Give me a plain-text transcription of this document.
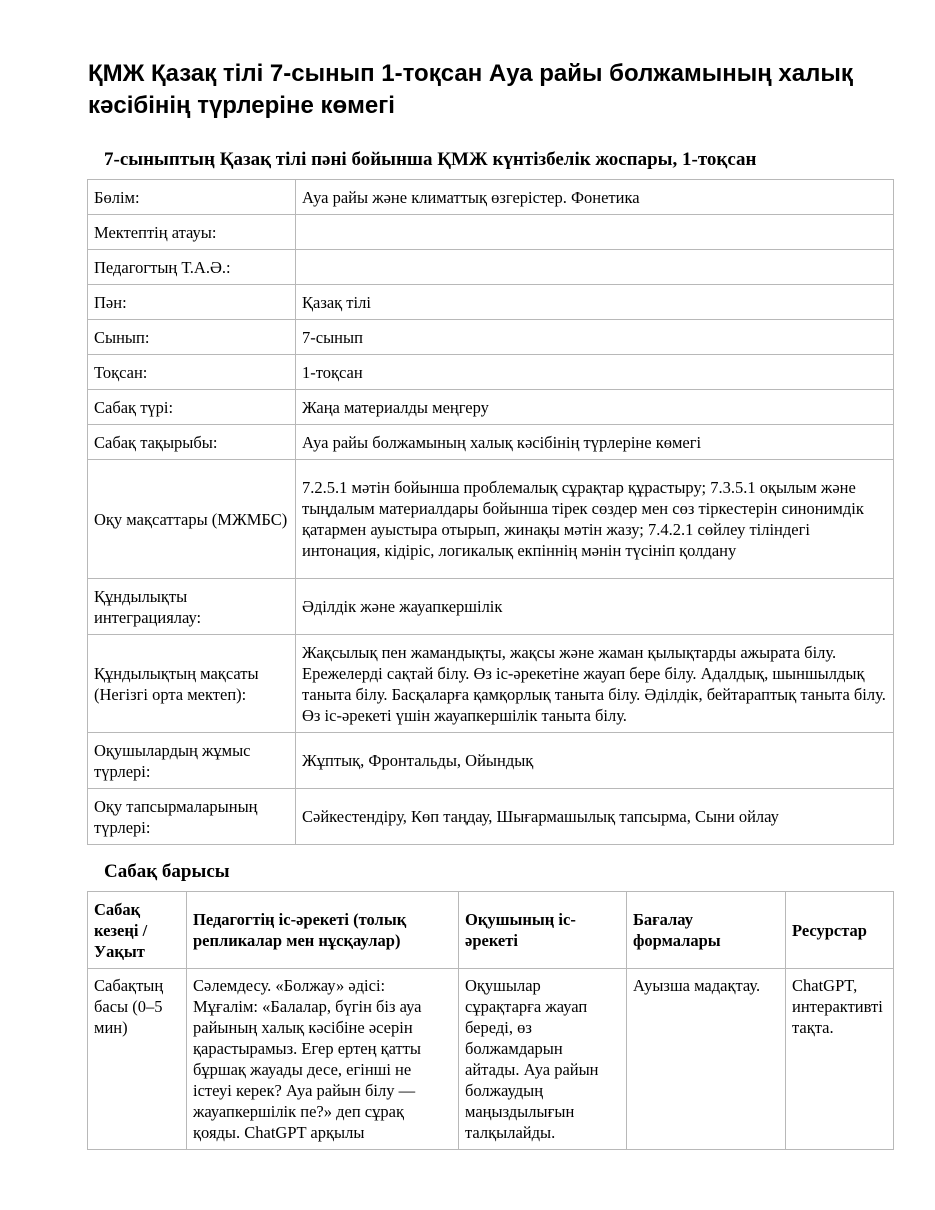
ҚМЖ Қазақ тілі 7-сынып 1-тоқсан Ауа райы болжамының халық кәсібінің түрлеріне көмегі
7-сыныптың Қазақ тілі пәні бойынша ҚМЖ күнтізбелік жоспары, 1-тоқсан
Бөлім:	Ауа райы және климаттық өзгерістер. Фонетика
Мектептің атауы:	
Педагогтың Т.А.Ә.:	
Пән:	Қазақ тілі
Сынып:	7-сынып
Тоқсан:	1-тоқсан
Сабақ түрі:	Жаңа материалды меңгеру
Сабақ тақырыбы:	Ауа райы болжамының халық кәсібінің түрлеріне көмегі
Оқу мақсаттары (МЖМБС)	7.2.5.1 мәтін бойынша проблемалық сұрақтар құрастыру; 7.3.5.1 оқылым және тыңдалым материалдары бойынша тірек сөздер мен сөз тіркестерін синонимдік қатармен ауыстыра отырып, жинақы мәтін жазу; 7.4.2.1 сөйлеу тіліндегі интонация, кідіріс, логикалық екпіннің мәнін түсініп қолдану
Құндылықты интеграциялау:	Әділдік және жауапкершілік
Құндылықтың мақсаты (Негізгі орта мектеп):	Жақсылық пен жамандықты, жақсы және жаман қылықтарды ажырата білу. Ережелерді сақтай білу. Өз іс-әрекетіне жауап бере білу. Адалдық, шыншылдық таныта білу. Басқаларға қамқорлық таныта білу. Әділдік, бейтараптық таныта білу. Өз іс-әрекеті үшін жауапкершілік таныта білу.
Оқушылардың жұмыс түрлері:	Жұптық, Фронтальды, Ойындық
Оқу тапсырмаларының түрлері:	Сәйкестендіру, Көп таңдау, Шығармашылық тапсырма, Сыни ойлау
Сабақ барысы
Сабақ кезеңі / Уақыт	Педагогтің іс-әрекеті (толық репликалар мен нұсқаулар)	Оқушының іс-әрекеті	Бағалау формалары	Ресурстар
Сабақтың басы (0–5 мин)	Сәлемдесу. «Болжау» әдісі: Мұғалім: «Балалар, бүгін біз ауа райының халық кәсібіне әсерін қарастырамыз. Егер ертең қатты бұршақ жауады десе, егінші не істеуі керек? Ауа райын білу — жауапкершілік пе?» деп сұрақ қояды. ChatGPT арқылы	Оқушылар сұрақтарға жауап береді, өз болжамдарын айтады. Ауа райын болжаудың маңыздылығын талқылайды.	Ауызша мадақтау.	ChatGPT, интерактивті тақта.
